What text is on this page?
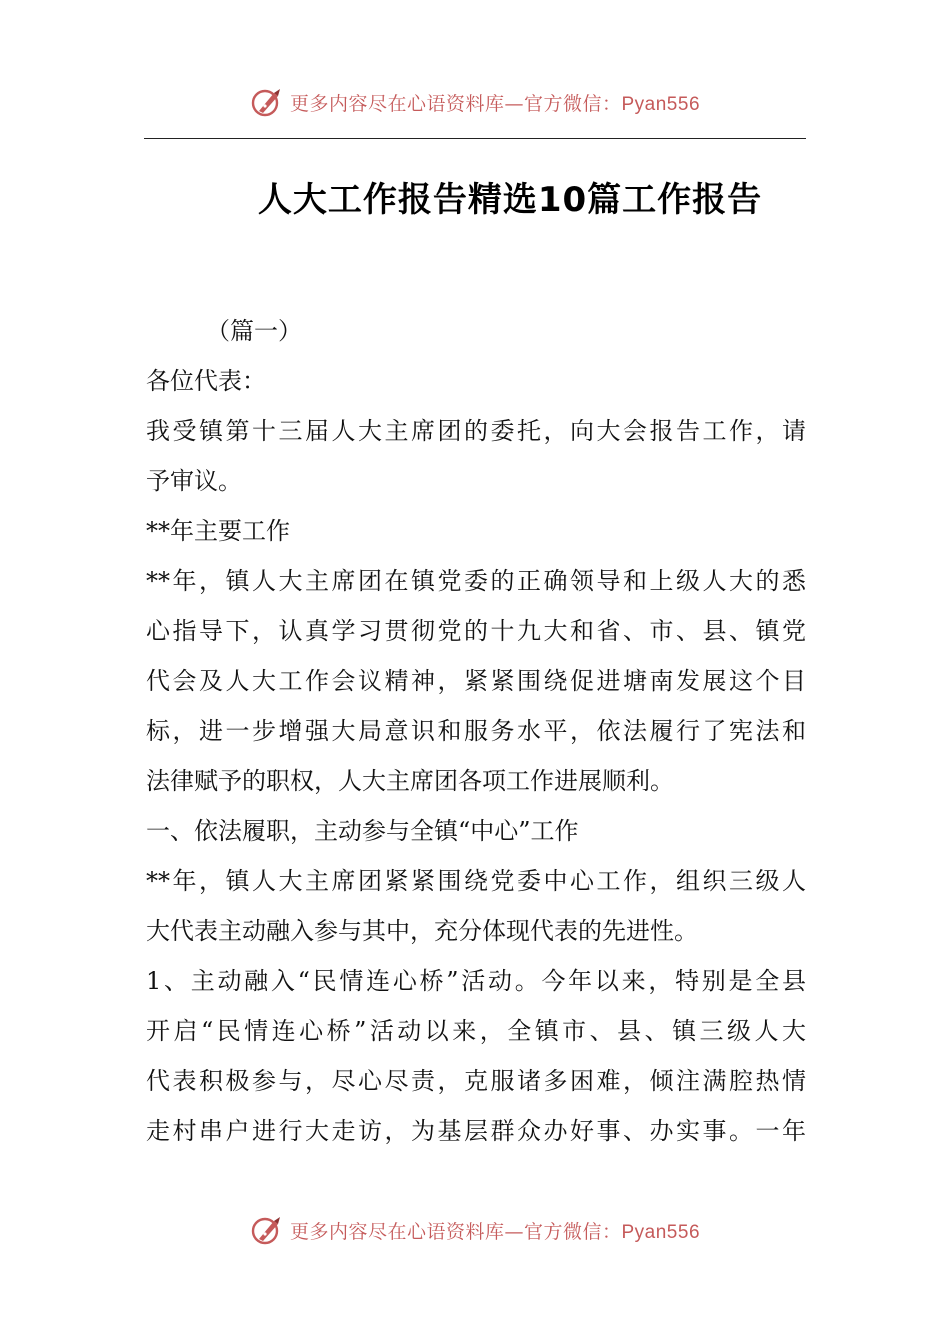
更多内容尽在心语资料库—官方微信：Pyan556
人大工作报告精选10篇工作报告
（篇一）
各位代表：
我受镇第十三届人大主席团的委托，向大会报告工作，请
予审议。
**年主要工作
**年，镇人大主席团在镇党委的正确领导和上级人大的悉
心指导下，认真学习贯彻党的十九大和省、市、县、镇党
代会及人大工作会议精神，紧紧围绕促进塘南发展这个目
标，进一步增强大局意识和服务水平，依法履行了宪法和
法律赋予的职权，人大主席团各项工作进展顺利。
一、依法履职，主动参与全镇“中心”工作
**年，镇人大主席团紧紧围绕党委中心工作，组织三级人
大代表主动融入参与其中，充分体现代表的先进性。
1、主动融入“民情连心桥”活动。今年以来，特别是全县
开启“民情连心桥”活动以来，全镇市、县、镇三级人大
代表积极参与，尽心尽责，克服诸多困难，倾注满腔热情
走村串户进行大走访，为基层群众办好事、办实事。一年
更多内容尽在心语资料库—官方微信：Pyan556
